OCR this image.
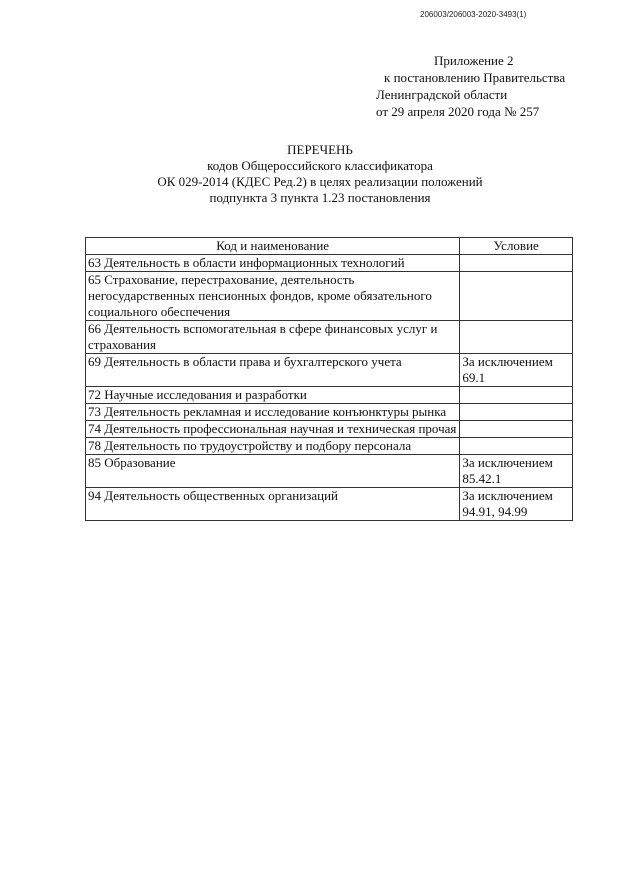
206003/206003-2020-3493(1)
Приложение 2
к постановлению Правительства
Ленинградской области
от 29 апреля 2020 года № 257
ПЕРЕЧЕНЬ
кодов Общероссийского классификатора
ОК 029-2014 (КДЕС Ред.2) в целях реализации положений
подпункта 3 пункта 1.23 постановления
Код и наименование	Условие
63 Деятельность в области информационных технологий	
65 Страхование, перестрахование, деятельность негосударственных пенсионных фондов, кроме обязательного социального обеспечения	
66 Деятельность вспомогательная в сфере финансовых услуг и страхования	
69 Деятельность в области права и бухгалтерского учета	За исключением 69.1
72 Научные исследования и разработки	
73 Деятельность рекламная и исследование конъюнктуры рынка	
74 Деятельность профессиональная научная и техническая прочая	
78 Деятельность по трудоустройству и подбору персонала	
85 Образование	За исключением 85.42.1
94 Деятельность общественных организаций	За исключением 94.91, 94.99
